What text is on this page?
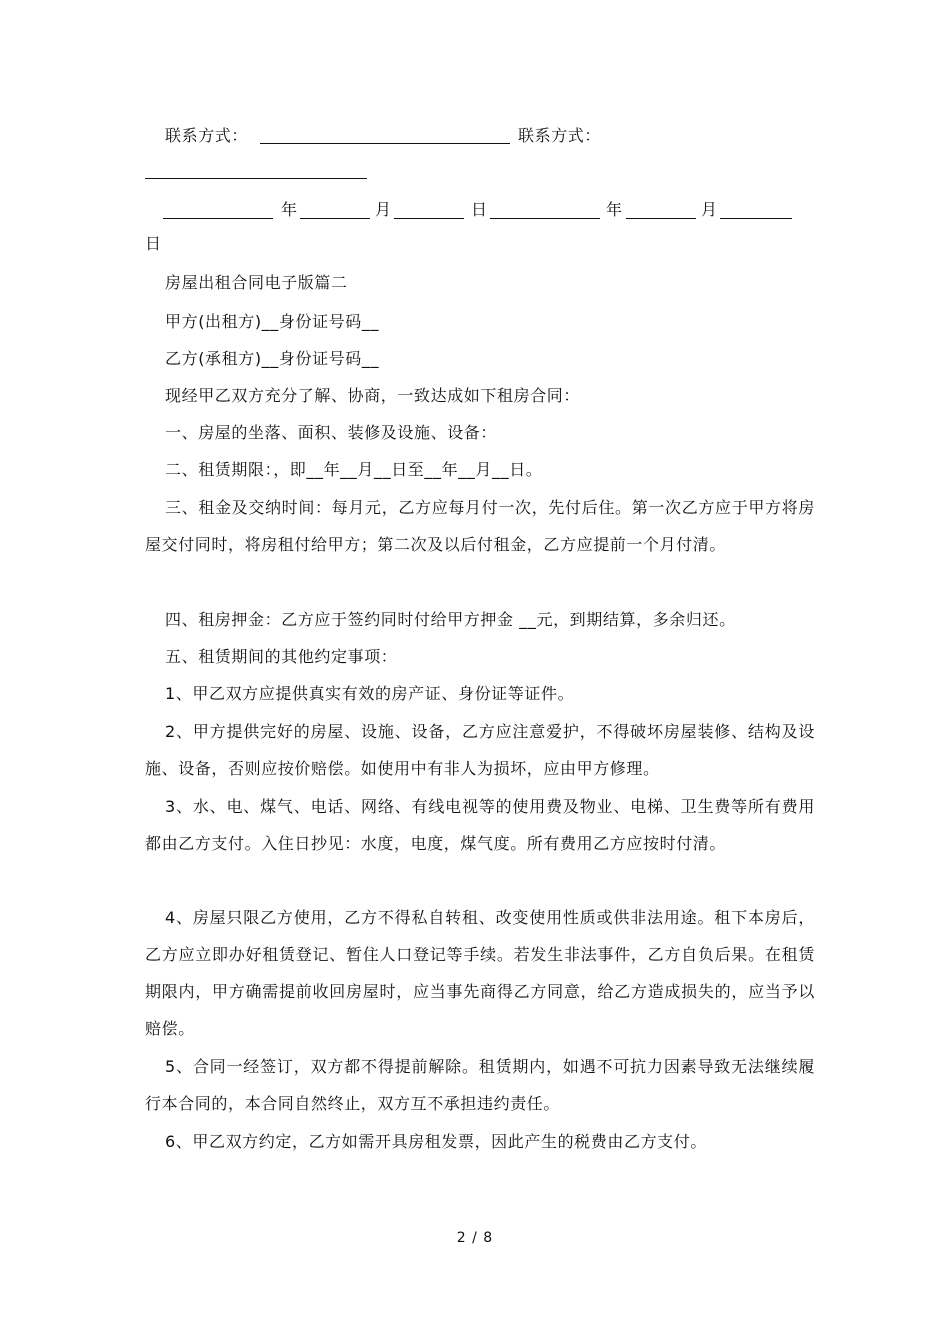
联系方式：	联系方式：
年	月	日	年	月
日
房屋出租合同电子版篇二
甲方(出租方)__身份证号码__
乙方(承租方)__身份证号码__
现经甲乙双方充分了解、协商，一致达成如下租房合同：
一、房屋的坐落、面积、装修及设施、设备：
二、租赁期限：，即__年__月__日至__年__月__日。
三、租金及交纳时间：每月元，乙方应每月付一次，先付后住。第一次乙方应于甲方将房屋交付同时，将房租付给甲方；第二次及以后付租金，乙方应提前一个月付清。
四、租房押金：乙方应于签约同时付给甲方押金 __元，到期结算，多余归还。
五、租赁期间的其他约定事项：
1、甲乙双方应提供真实有效的房产证、身份证等证件。
2、甲方提供完好的房屋、设施、设备，乙方应注意爱护，不得破坏房屋装修、结构及设施、设备，否则应按价赔偿。如使用中有非人为损坏，应由甲方修理。
3、水、电、煤气、电话、网络、有线电视等的使用费及物业、电梯、卫生费等所有费用都由乙方支付。入住日抄见：水度，电度，煤气度。所有费用乙方应按时付清。
4、房屋只限乙方使用，乙方不得私自转租、改变使用性质或供非法用途。租下本房后，乙方应立即办好租赁登记、暂住人口登记等手续。若发生非法事件，乙方自负后果。在租赁期限内，甲方确需提前收回房屋时，应当事先商得乙方同意，给乙方造成损失的，应当予以赔偿。
5、合同一经签订，双方都不得提前解除。租赁期内，如遇不可抗力因素导致无法继续履行本合同的，本合同自然终止，双方互不承担违约责任。
6、甲乙双方约定，乙方如需开具房租发票，因此产生的税费由乙方支付。
2 / 8
